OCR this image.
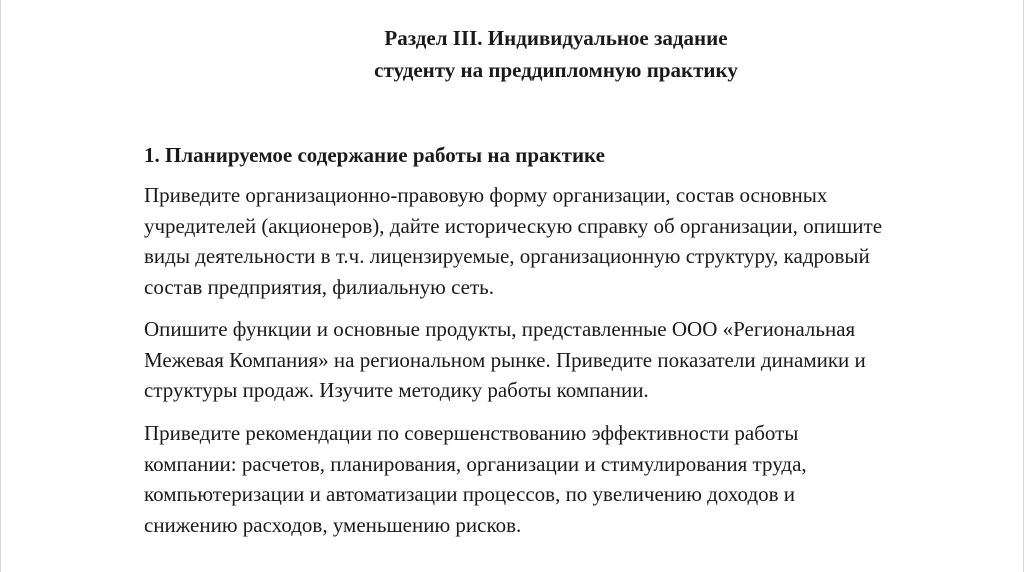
Раздел III. Индивидуальное задание
студенту на преддипломную практику
1. Планируемое содержание работы на практике

Приведите организационно-правовую форму организации, состав основных
учредителей (акционеров), дайте историческую справку об организации, опишите
виды деятельности в т.ч. лицензируемые, организационную структуру, кадровый
состав предприятия, филиальную сеть.

Опишите функции и основные продукты, представленные ООО «Региональная
Межевая Компания» на региональном рынке. Приведите показатели динамики и
структуры продаж. Изучите методику работы компании.

Приведите рекомендации по совершенствованию эффективности работы
компании: расчетов, планирования, организации и стимулирования труда,
компьютеризации и автоматизации процессов, по увеличению доходов и
снижению расходов, уменьшению рисков.
